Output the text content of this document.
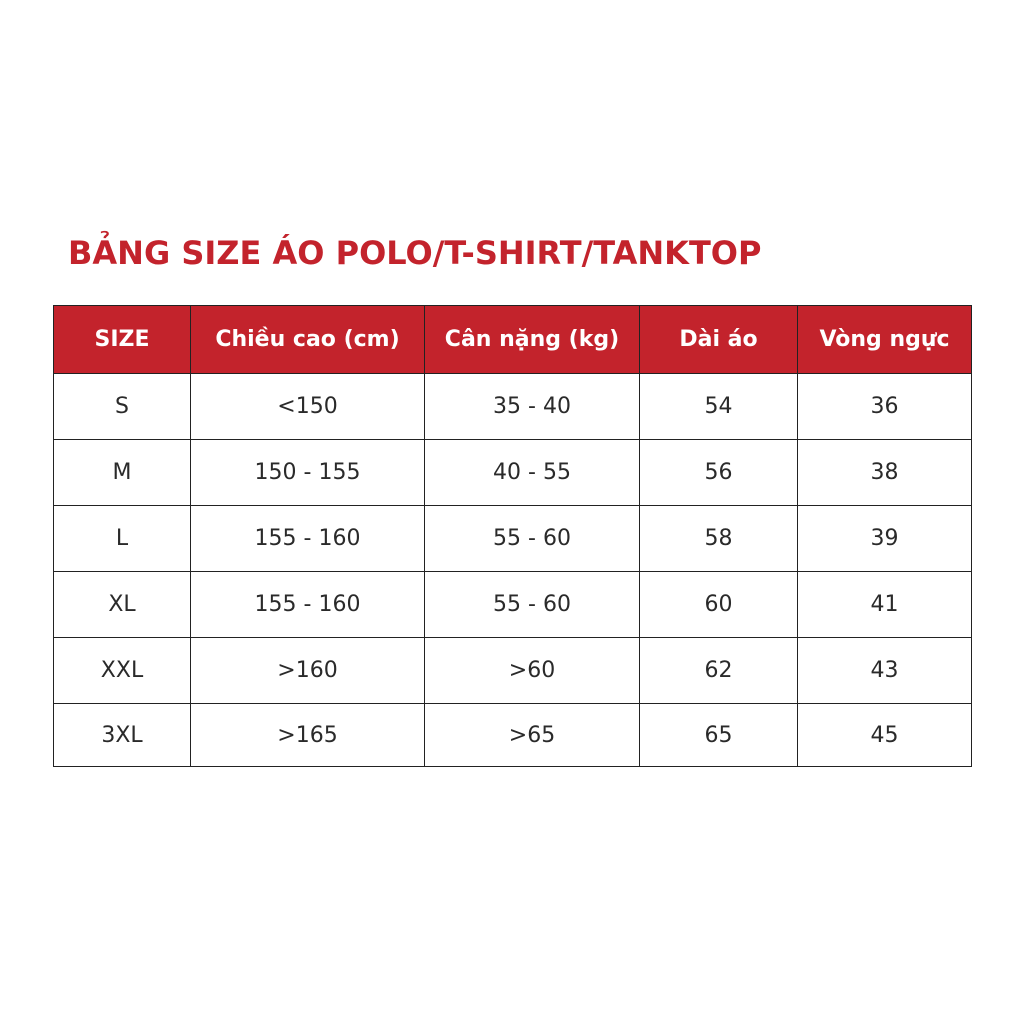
BẢNG SIZE ÁO POLO/T-SHIRT/TANKTOP
SIZE	Chiều cao (cm)	Cân nặng (kg)	Dài áo	Vòng ngực
S	<150	35 - 40	54	36
M	150 - 155	40 - 55	56	38
L	155 - 160	55 - 60	58	39
XL	155 - 160	55 - 60	60	41
XXL	>160	>60	62	43
3XL	>165	>65	65	45
